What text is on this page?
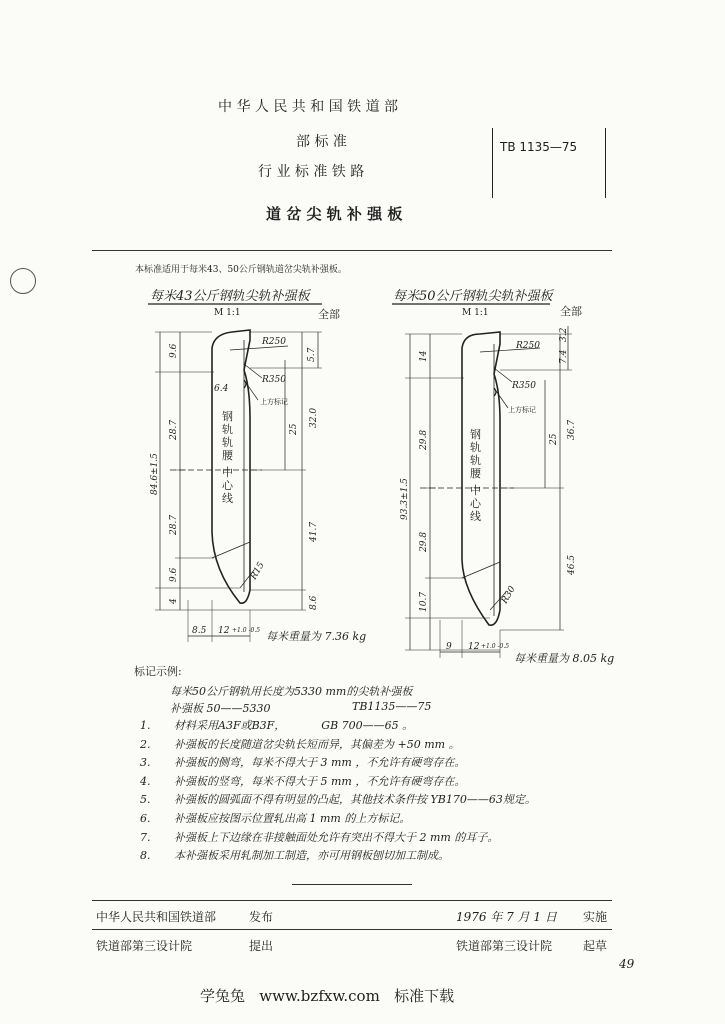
中 华 人 民 共 和 国 铁 道 部
部 标 准
行 业 标 准 铁 路
道 岔 尖 轨 补 强 板
TB 1135—75
本标准适用于每米43、50公斤钢轨道岔尖轨补强板。
每米43公斤钢轨尖轨补强板
M 1:1	全部
每米50公斤钢轨尖轨补强板
M 1:1	全部
R250
R350
6.4
上方标记
R15
9.6
28.7
28.7
9.6
4
84.6±1.5
5.7
32.0
25
41.7
8.6
8.5 12 +1.0 -0.5
钢
轨
轨
腰
中
心
线
每米重量为 7.36 kg
R250
R350
上方标记
R30
14
29.8
29.8
10.7
93.3±1.5
3.2
7.4
36.7
25
46.5
9 12 +1.0 -0.5
钢
轨
轨
腰
中
心
线
每米重量为 8.05 kg
标记示例:
每米50公斤钢轨用长度为5330 mm的尖轨补强板
补强板 50——5330	TB1135——75
1. 材料采用A3F或B3F，	GB 700——65 。
2. 补强板的长度随道岔尖轨长短而异，其偏差为 +50 mm 。
3. 补强板的侧弯，每米不得大于 3 mm ，不允许有硬弯存在。
4. 补强板的竖弯，每米不得大于 5 mm ，不允许有硬弯存在。
5. 补强板的圆弧面不得有明显的凸起，其他技术条件按 YB170——63规定。
6. 补强板应按图示位置轧出高 1 mm 的上方标记。
7. 补强板上下边缘在非接触面处允许有突出不得大于 2 mm 的耳子。
8. 本补强板采用轧制加工制造，亦可用钢板刨切加工制成。
中华人民共和国铁道部	发布	1976 年 7 月 1 日 实施
铁道部第三设计院	提出	铁道部第三设计院	起草
49
学兔兔   www.bzfxw.com   标准下载
